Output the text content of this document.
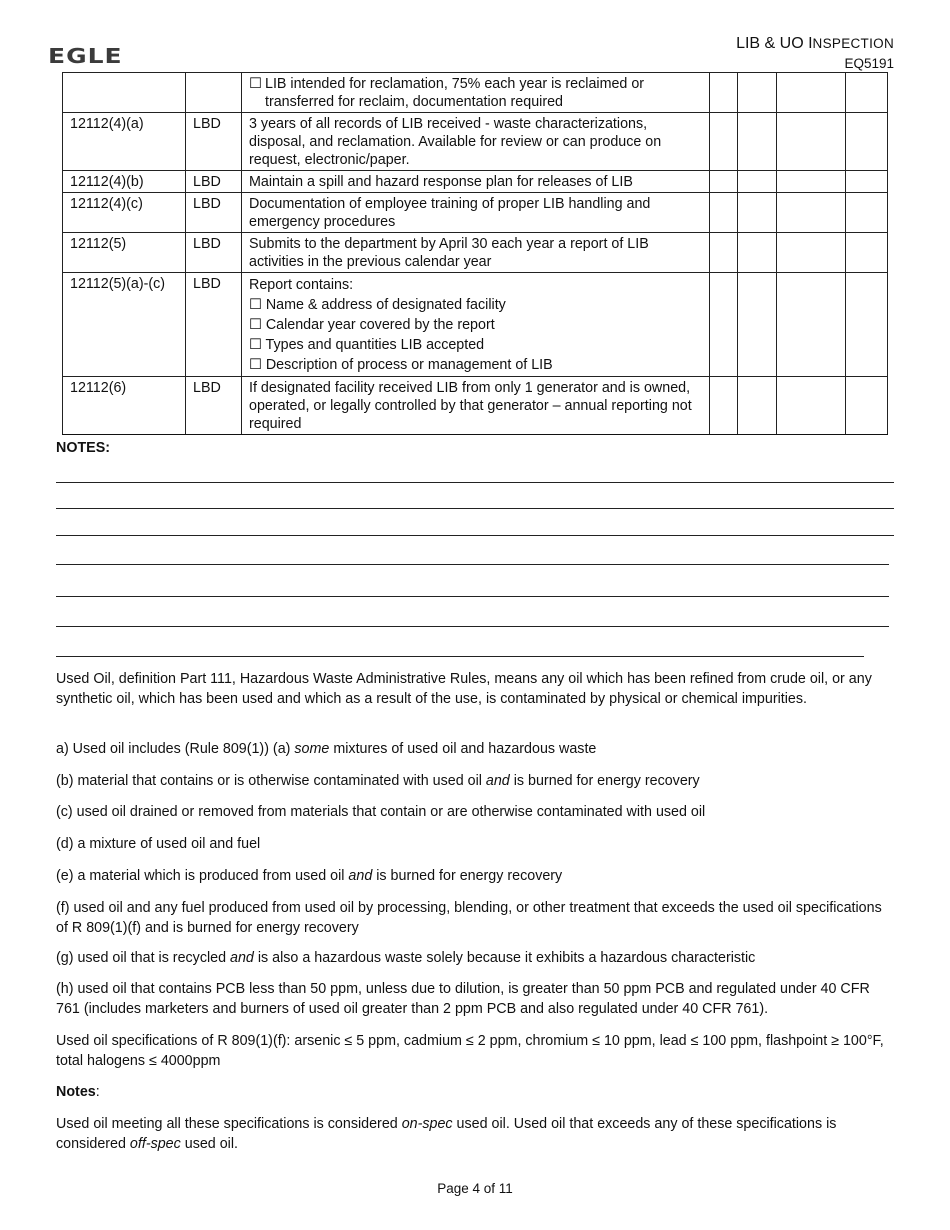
EGLE
LIB & UO INSPECTION
EQ5191

		☐ LIB intended for reclamation, 75% each year is reclaimed or transferred for reclaim, documentation required				

12112(4)(a)	LBD	3 years of all records of LIB received - waste characterizations, disposal, and reclamation. Available for review or can produce on request, electronic/paper.				
12112(4)(b)	LBD	Maintain a spill and hazard response plan for releases of LIB				
12112(4)(c)	LBD	Documentation of employee training of proper LIB handling and emergency procedures				
12112(5)	LBD	Submits to the department by April 30 each year a report of LIB activities in the previous calendar year				
12112(5)(a)-(c)	LBD	Report contains:
☐ Name & address of designated facility
☐ Calendar year covered by the report
☐ Types and quantities LIB accepted
☐ Description of process or management of LIB				

12112(6)	LBD	If designated facility received LIB from only 1 generator and is owned, operated, or legally controlled by that generator – annual reporting not required				
NOTES:

Used Oil, definition Part 111, Hazardous Waste Administrative Rules, means any oil which has been refined from crude oil, or any synthetic oil, which has been used and which as a result of the use, is contaminated by physical or chemical impurities.

a) Used oil includes (Rule 809(1)) (a) some mixtures of used oil and hazardous waste

(b) material that contains or is otherwise contaminated with used oil and is burned for energy recovery

(c) used oil drained or removed from materials that contain or are otherwise contaminated with used oil

(d) a mixture of used oil and fuel

(e) a material which is produced from used oil and is burned for energy recovery

(f) used oil and any fuel produced from used oil by processing, blending, or other treatment that exceeds the used oil specifications of R 809(1)(f) and is burned for energy recovery

(g) used oil that is recycled and is also a hazardous waste solely because it exhibits a hazardous characteristic

(h) used oil that contains PCB less than 50 ppm, unless due to dilution, is greater than 50 ppm PCB and regulated under 40 CFR 761 (includes marketers and burners of used oil greater than 2 ppm PCB and also regulated under 40 CFR 761).

Used oil specifications of R 809(1)(f): arsenic ≤ 5 ppm, cadmium ≤ 2 ppm, chromium ≤ 10 ppm, lead ≤ 100 ppm, flashpoint ≥ 100°F, total halogens ≤ 4000ppm

Notes:

Used oil meeting all these specifications is considered on-spec used oil. Used oil that exceeds any of these specifications is considered off-spec used oil.

Page 4 of 11
